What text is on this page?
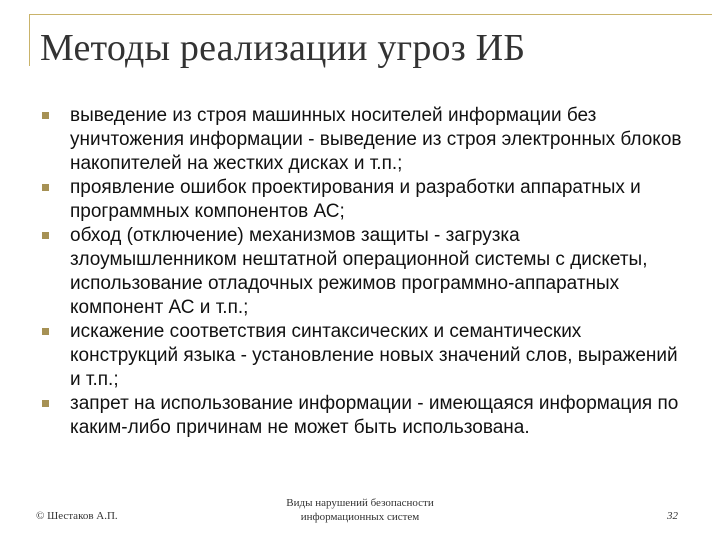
Методы реализации угроз ИБ
выведение из строя машинных носителей информации без уничтожения информации - выведение из строя электронных блоков накопителей на жестких дисках и т.п.;
проявление ошибок проектирования и разработки аппаратных и программных компонентов АС;
обход (отключение) механизмов защиты - загрузка злоумышленником нештатной операционной системы с дискеты, использование отладочных режимов программно-аппаратных компонент АС и т.п.;
искажение соответствия синтаксических и семантических конструкций языка - установление новых значений слов, выражений и т.п.;
запрет на использование информации - имеющаяся информация по каким-либо причинам не может быть использована.
© Шестаков А.П.
Виды нарушений безопасности
информационных систем	32
